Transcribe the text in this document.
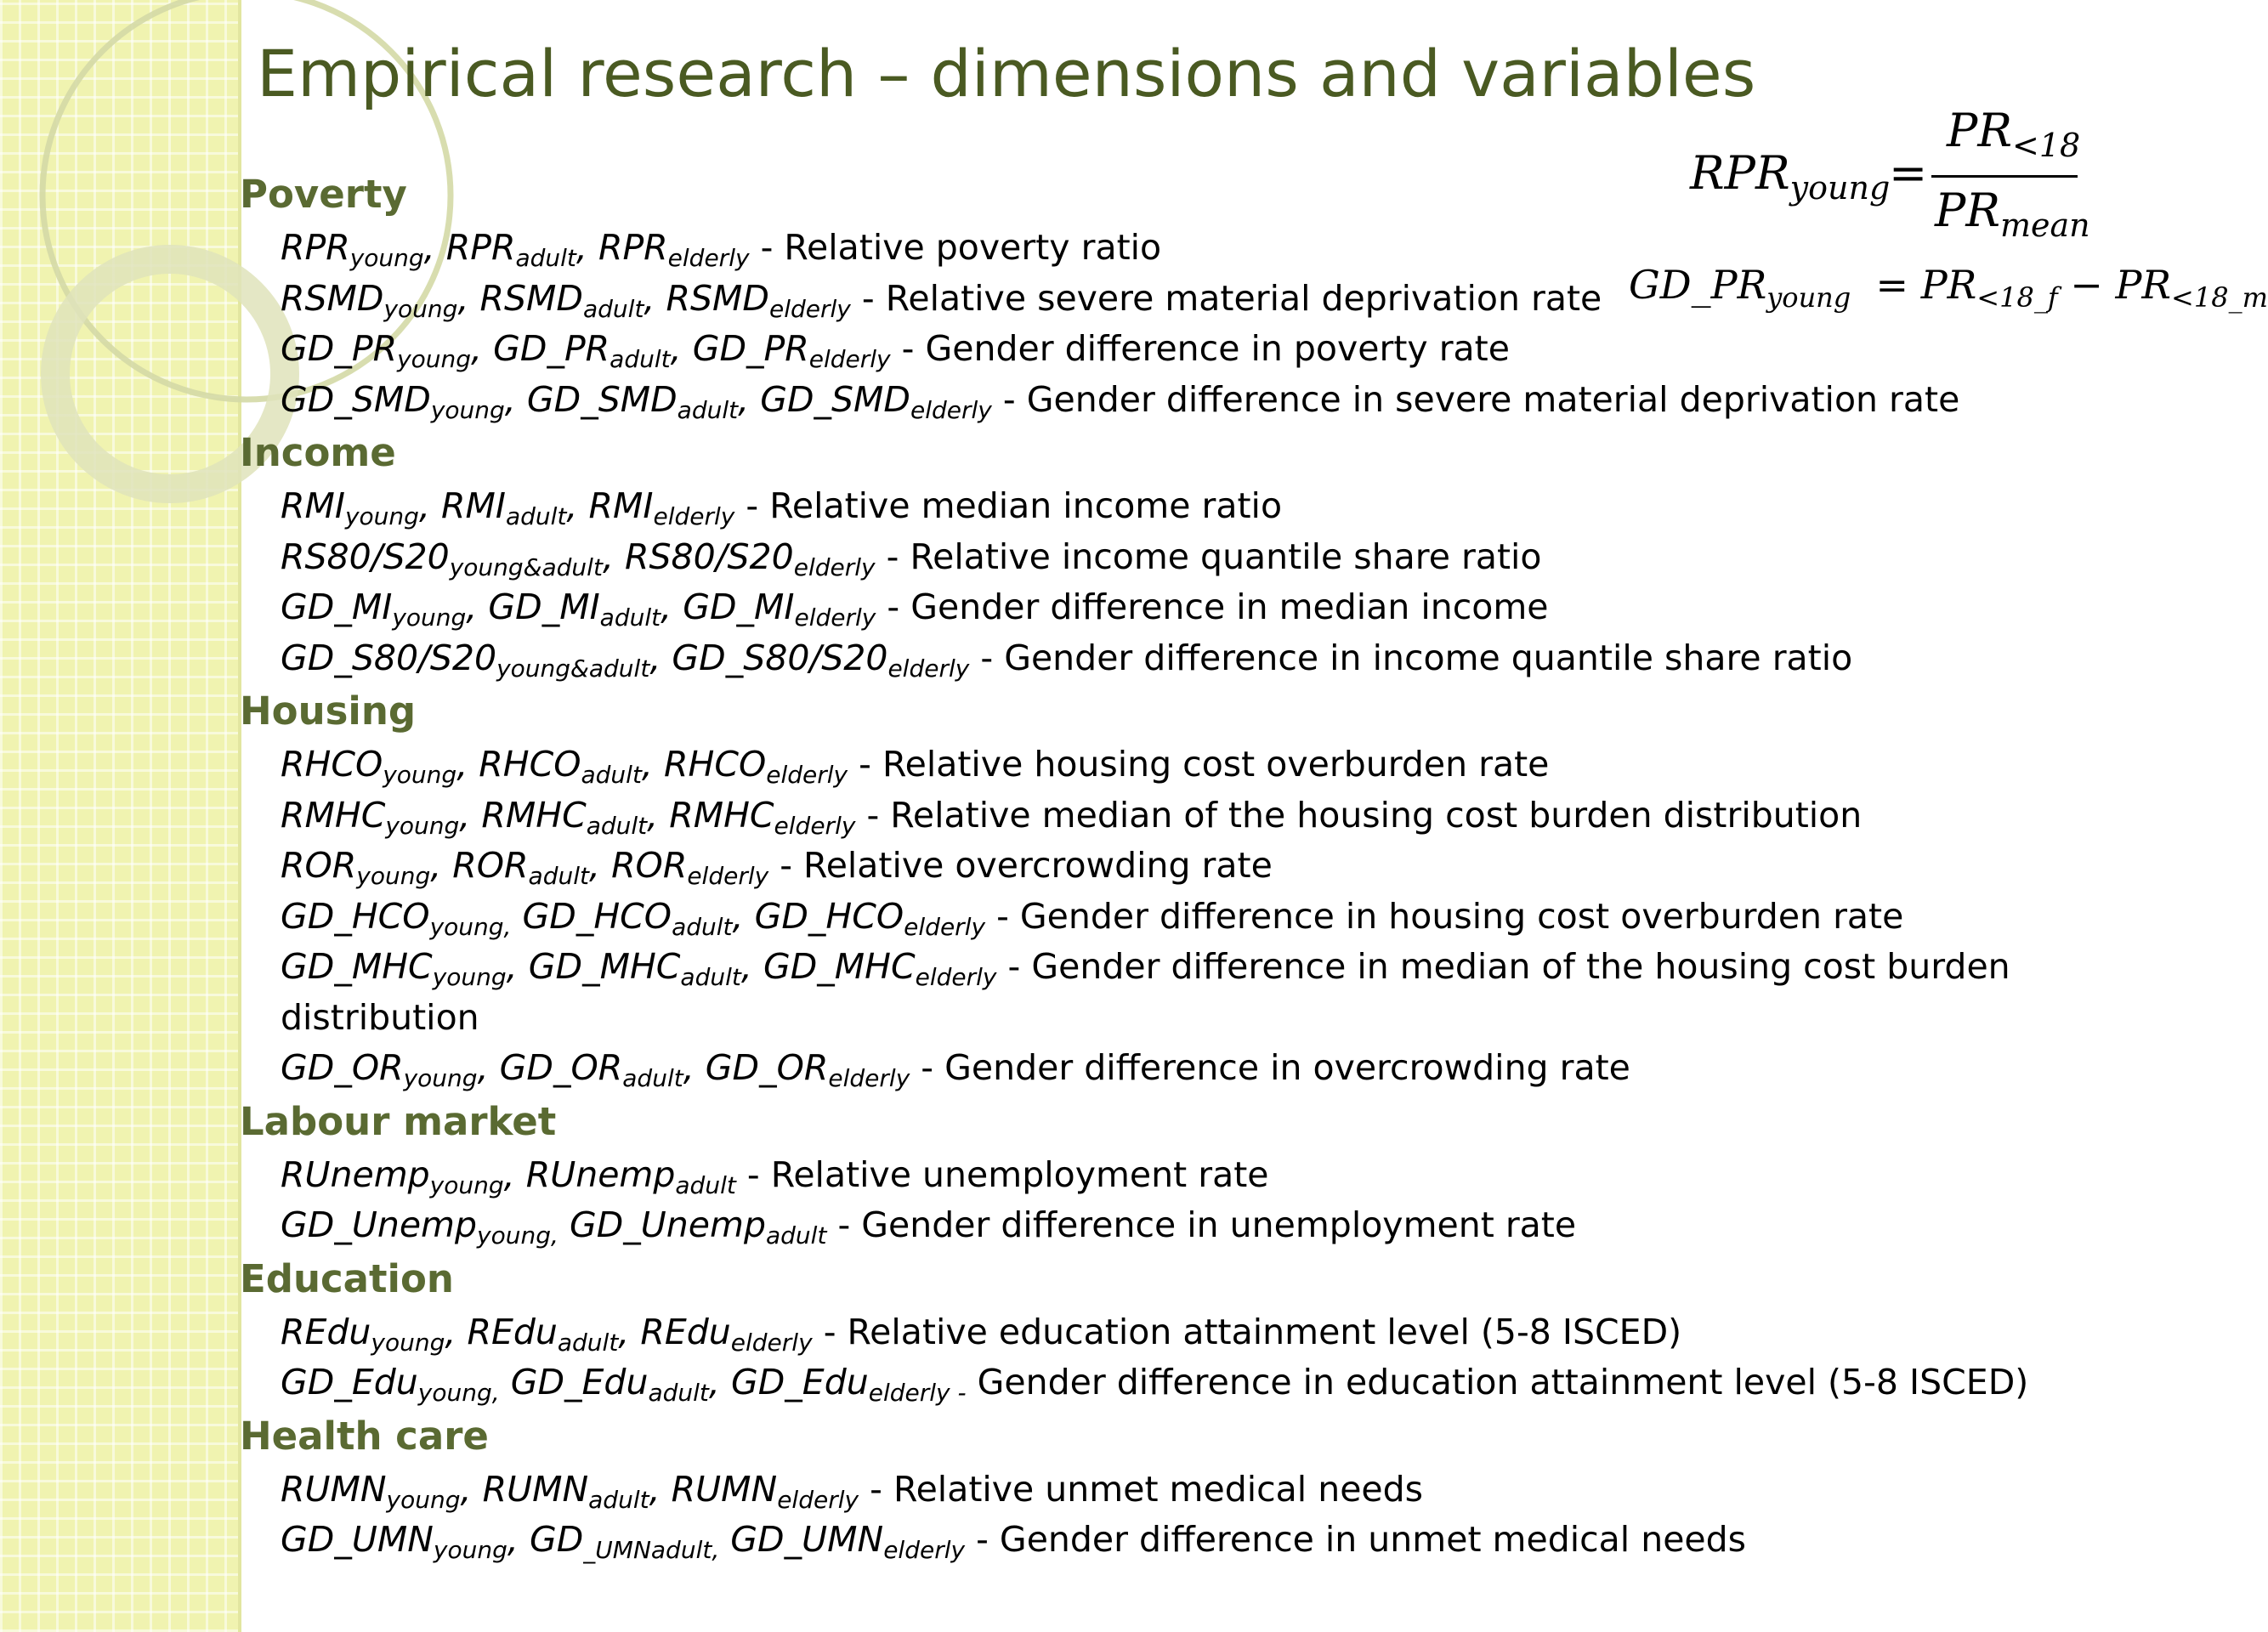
Empirical research – dimensions and variables
$RPR_{young}$
=
$PR_{<18}$
$PR_{mean}$
$GD\_PR_{young} = PR_{<18\_f} - PR_{<18\_m}$
Poverty
$RPR_{young}$, $RPR_{adult}$, $RPR_{elderly}$ - Relative poverty ratio
$RSMD_{young}$, $RSMD_{adult}$, $RSMD_{elderly}$ - Relative severe material deprivation rate
$GD\_PR_{young}$, $GD\_PR_{adult}$, $GD\_PR_{elderly}$ - Gender difference in poverty rate
$GD\_SMD_{young}$, $GD\_SMD_{adult}$, $GD\_SMD_{elderly}$ - Gender difference in severe material deprivation rate
Income
$RMI_{young}$, $RMI_{adult}$, $RMI_{elderly}$ - Relative median income ratio
$RS80/S20_{young\&adult}$, $RS80/S20_{elderly}$ - Relative income quantile share ratio
$GD\_MI_{young}$, $GD\_MI_{adult}$, $GD\_MI_{elderly}$ - Gender difference in median income
$GD\_S80/S20_{young\&adult}$, $GD\_S80/S20_{elderly}$ - Gender difference in income quantile share ratio
Housing
$RHCO_{young}$, $RHCO_{adult}$, $RHCO_{elderly}$ - Relative housing cost overburden rate
$RMHC_{young}$, $RMHC_{adult}$, $RMHC_{elderly}$ - Relative median of the housing cost burden distribution
$ROR_{young}$, $ROR_{adult}$, $ROR_{elderly}$ - Relative overcrowding rate
$GD\_HCO_{young,}$ $GD\_HCO_{adult}$, $GD\_HCO_{elderly}$ - Gender difference in housing cost overburden rate
$GD\_MHC_{young}$, $GD\_MHC_{adult}$, $GD\_MHC_{elderly}$ - Gender difference in median of the housing cost burden
distribution
$GD\_OR_{young}$, $GD\_OR_{adult}$, $GD\_OR_{elderly}$ - Gender difference in overcrowding rate
Labour market
RUnemp$_{young}$, RUnemp$_{adult}$ - Relative unemployment rate
GD_Unemp$_{young,}$ GD_Unemp$_{adult}$ - Gender difference in unemployment rate
Education
REdu$_{young}$, REdu$_{adult}$, REdu$_{elderly}$ - Relative education attainment level (5-8 ISCED)
GD_Edu$_{young,}$ GD_Edu$_{adult}$, GD_Edu$_{elderly -}$ Gender difference in education attainment level (5-8 ISCED)
Health care
$RUMN_{young}$, $RUMN_{adult}$, $RUMN_{elderly}$ - Relative unmet medical needs
$GD\_UMN_{young}$, $GD_{\_UMNadult,}$ $GD\_UMN_{elderly}$ - Gender difference in unmet medical needs
